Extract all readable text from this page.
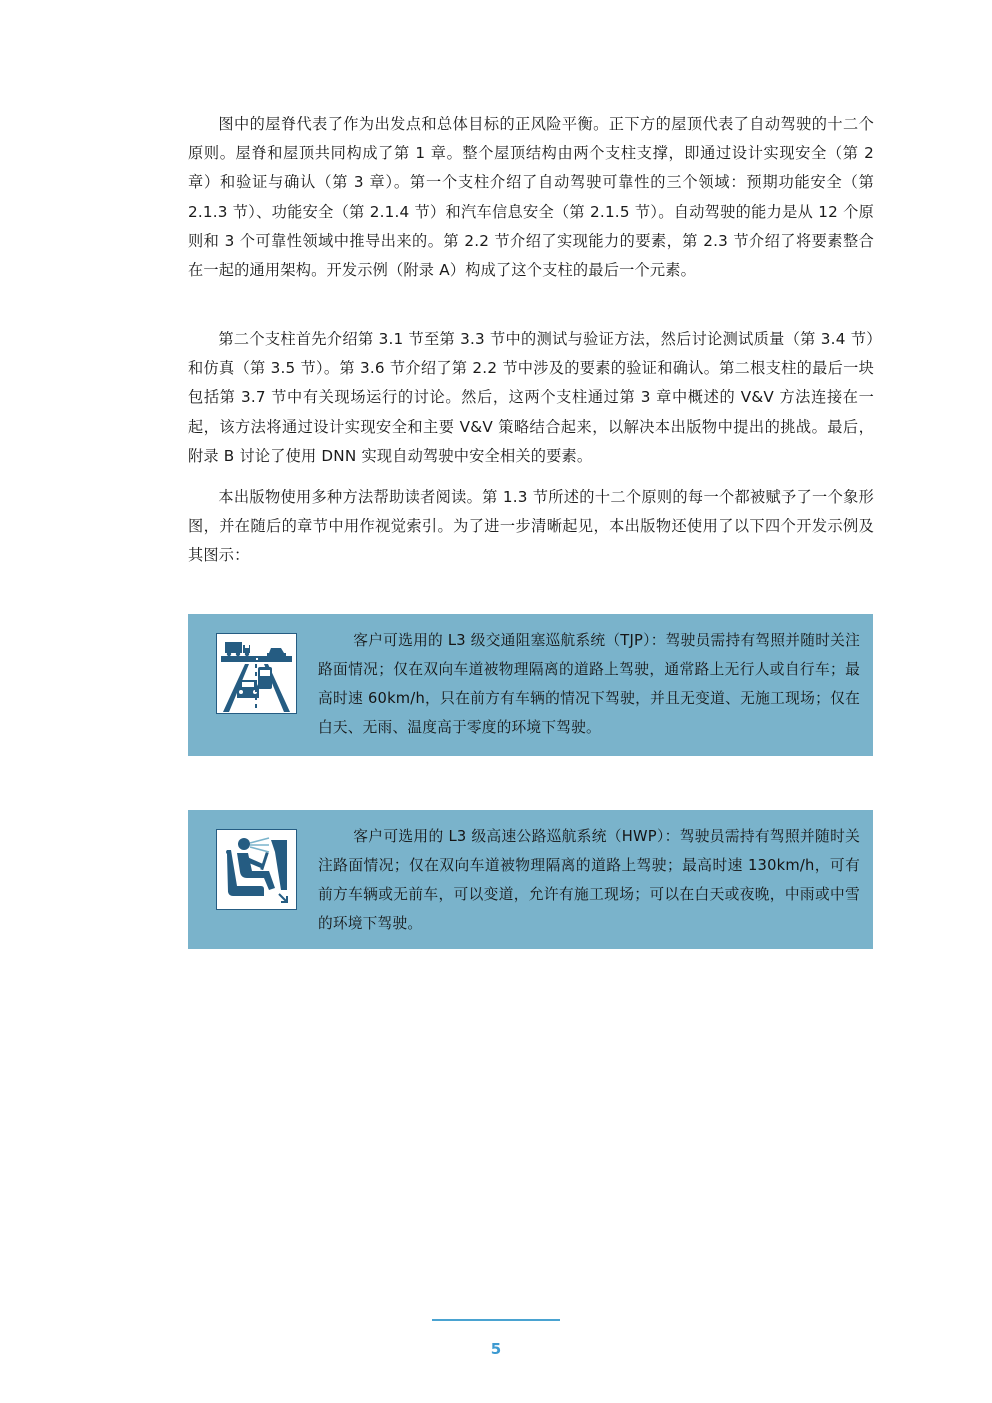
图中的屋脊代表了作为出发点和总体目标的正风险平衡。正下方的屋顶代表了自动驾驶的十二个原则。屋脊和屋顶共同构成了第 1 章。整个屋顶结构由两个支柱支撑，即通过设计实现安全（第 2 章）和验证与确认（第 3 章）。第一个支柱介绍了自动驾驶可靠性的三个领域：预期功能安全（第 2.1.3 节）、功能安全（第 2.1.4 节）和汽车信息安全（第 2.1.5 节）。自动驾驶的能力是从 12 个原则和 3 个可靠性领域中推导出来的。第 2.2 节介绍了实现能力的要素，第 2.3 节介绍了将要素整合在一起的通用架构。开发示例（附录 A）构成了这个支柱的最后一个元素。

第二个支柱首先介绍第 3.1 节至第 3.3 节中的测试与验证方法，然后讨论测试质量（第 3.4 节）和仿真（第 3.5 节）。第 3.6 节介绍了第 2.2 节中涉及的要素的验证和确认。第二根支柱的最后一块包括第 3.7 节中有关现场运行的讨论。然后，这两个支柱通过第 3 章中概述的 V&V 方法连接在一起，该方法将通过设计实现安全和主要 V&V 策略结合起来，以解决本出版物中提出的挑战。最后，附录 B 讨论了使用 DNN 实现自动驾驶中安全相关的要素。

本出版物使用多种方法帮助读者阅读。第 1.3 节所述的十二个原则的每一个都被赋予了一个象形图，并在随后的章节中用作视觉索引。为了进一步清晰起见，本出版物还使用了以下四个开发示例及其图示：

客户可选用的 L3 级交通阻塞巡航系统（TJP）：驾驶员需持有驾照并随时关注路面情况；仅在双向车道被物理隔离的道路上驾驶，通常路上无行人或自行车；最高时速 60km/h，只在前方有车辆的情况下驾驶，并且无变道、无施工现场；仅在白天、无雨、温度高于零度的环境下驾驶。

客户可选用的 L3 级高速公路巡航系统（HWP）：驾驶员需持有驾照并随时关注路面情况；仅在双向车道被物理隔离的道路上驾驶；最高时速 130km/h，可有前方车辆或无前车，可以变道，允许有施工现场；可以在白天或夜晚，中雨或中雪的环境下驾驶。

5
